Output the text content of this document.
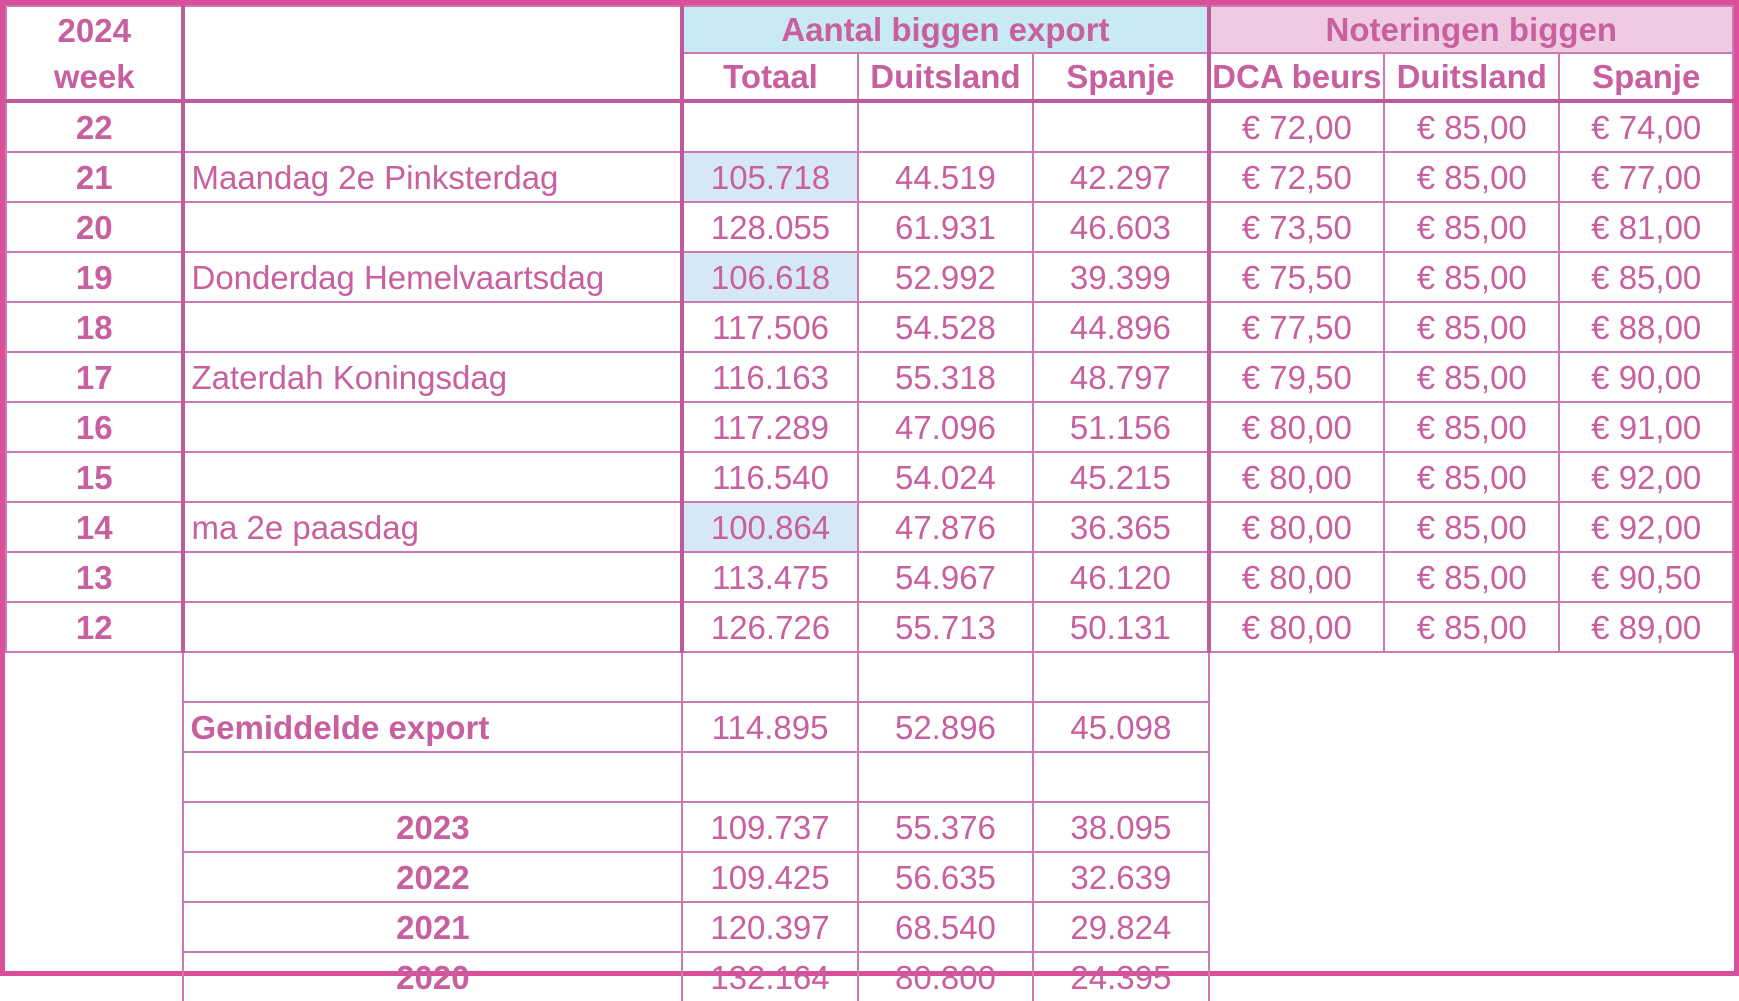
2024		Aantal biggen export			Noteringen biggen		
week		Totaal	Duitsland	Spanje	DCA beurs	Duitsland	Spanje
22					€ 72,00	€ 85,00	€ 74,00
21	Maandag 2e Pinksterdag	105.718	44.519	42.297	€ 72,50	€ 85,00	€ 77,00
20		128.055	61.931	46.603	€ 73,50	€ 85,00	€ 81,00
19	Donderdag Hemelvaartsdag	106.618	52.992	39.399	€ 75,50	€ 85,00	€ 85,00
18		117.506	54.528	44.896	€ 77,50	€ 85,00	€ 88,00
17	Zaterdah Koningsdag	116.163	55.318	48.797	€ 79,50	€ 85,00	€ 90,00
16		117.289	47.096	51.156	€ 80,00	€ 85,00	€ 91,00
15		116.540	54.024	45.215	€ 80,00	€ 85,00	€ 92,00
14	ma 2e paasdag	100.864	47.876	36.365	€ 80,00	€ 85,00	€ 92,00
13		113.475	54.967	46.120	€ 80,00	€ 85,00	€ 90,50
12		126.726	55.713	50.131	€ 80,00	€ 85,00	€ 89,00

	Gemiddelde export	114.895	52.896	45.098			

	2023	109.737	55.376	38.095			
	2022	109.425	56.635	32.639			
	2021	120.397	68.540	29.824			
	2020	132.164	80.800	24.395			
